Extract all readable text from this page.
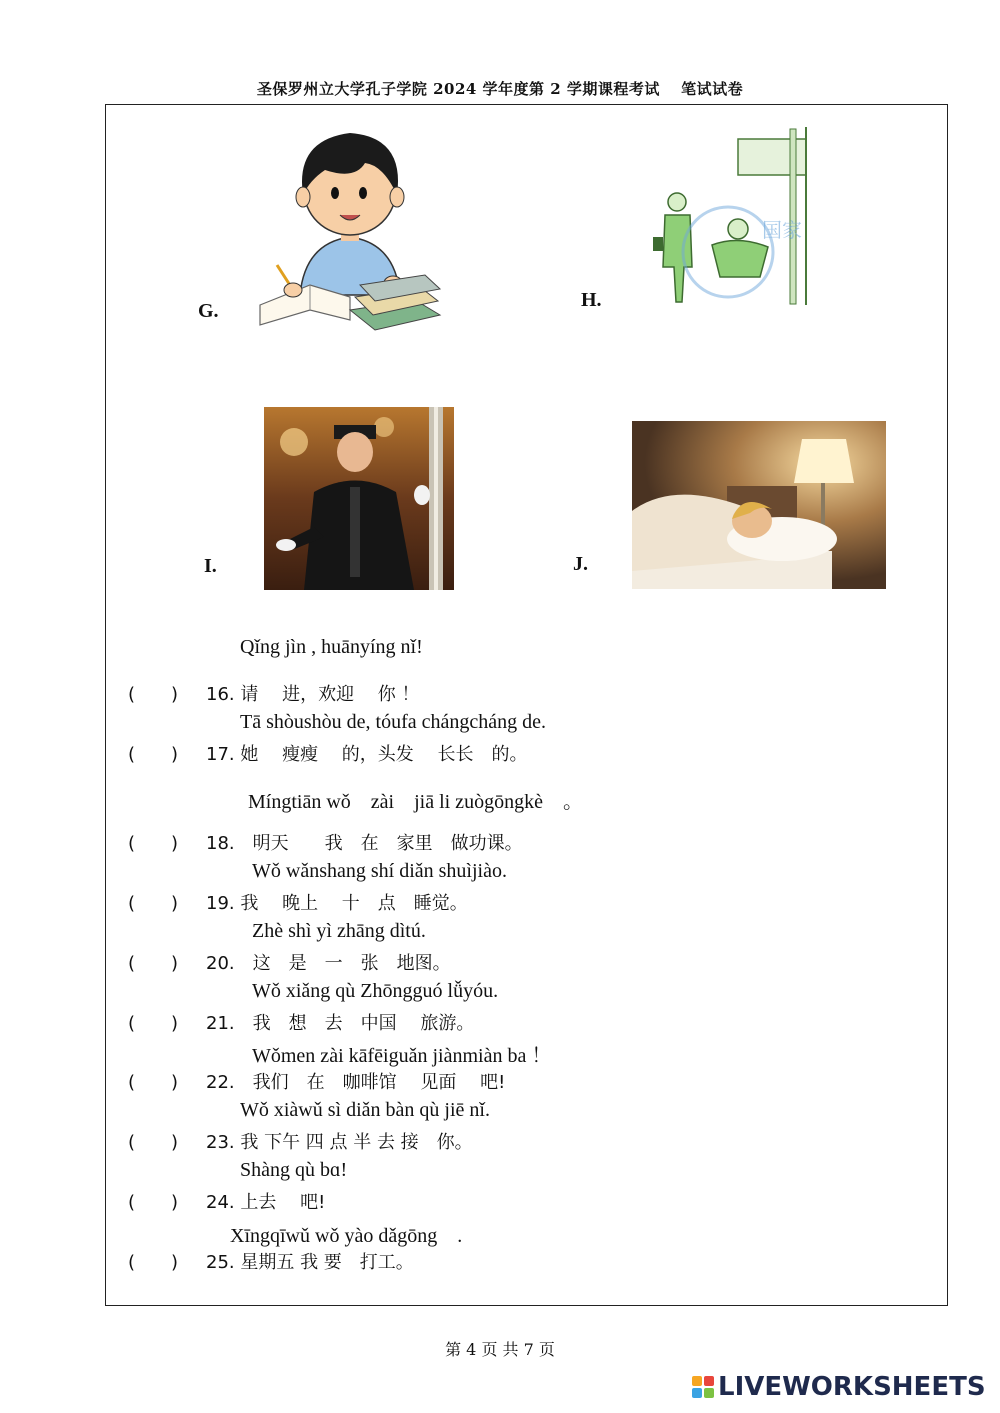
圣保罗州立大学孔子学院 2024 学年度第 2 学期课程考试　 笔试试卷
G.	H.
国家
I.	J.
Qǐng jìn , huānyíng nǐ!
(　　) 16. 请　 进，欢迎　 你 ！
Tā shòushòu de, tóufa chángcháng de.
(　　) 17. 她　 瘦瘦　 的，头发　 长长　的。
Míngtiān wǒ　zài　jiā li zuògōngkè　。
(　　) 18.　明天　　我　在　家里　做功课。
Wǒ wǎnshang shí diǎn shuìjiào.
(　　) 19. 我　 晚上　 十　点　睡觉。
Zhè shì yì zhāng dìtú.
(　　) 20.　这　是　一　张　地图。
Wǒ xiǎng qù Zhōngguó lǚyóu.
(　　) 21.　我　想　去　中国　 旅游。
Wǒmen zài kāfēiguǎn jiànmiàn ba ！
(　　) 22.　我们　在　咖啡馆　 见面　 吧!
Wǒ xiàwǔ sì diǎn bàn qù jiē nǐ.
(　　) 23. 我 下午 四 点 半 去 接　你。
Shàng qù bɑ!
(　　) 24. 上去　 吧!
Xīngqīwǔ wǒ yào dǎgōng　.
(　　) 25. 星期五 我 要　打工。
第 4 页 共 7 页
LIVEWORKSHEETS
